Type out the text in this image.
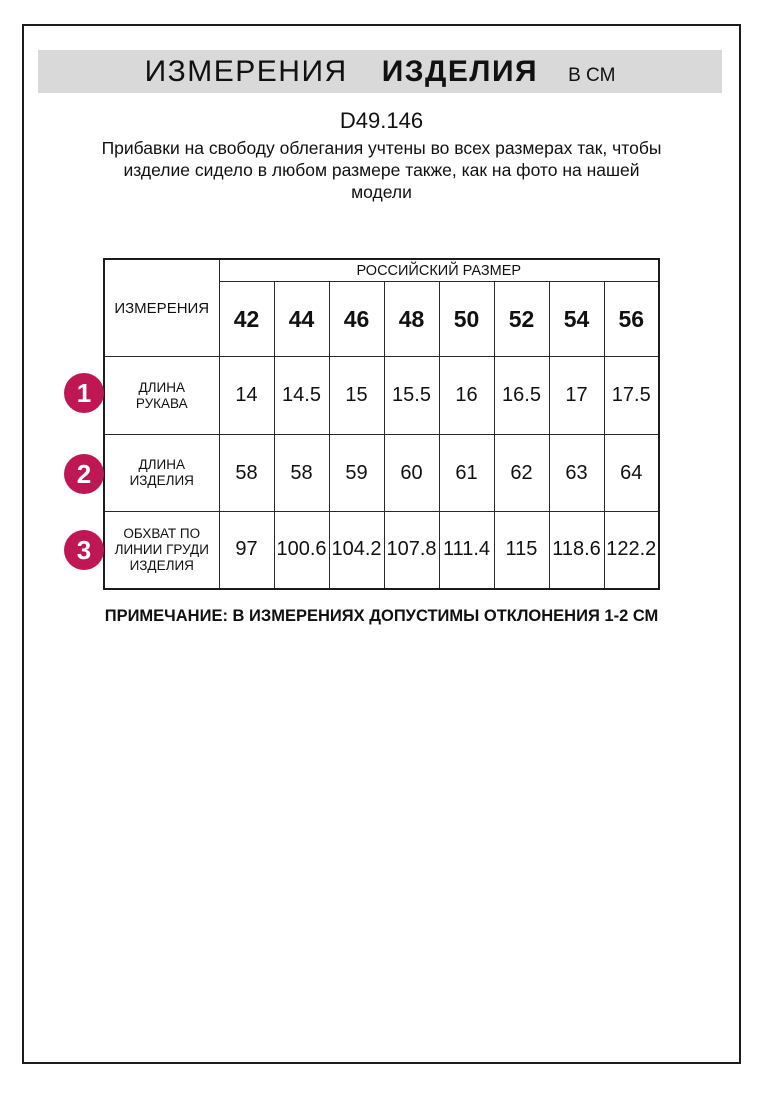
ИЗМЕРЕНИЯ ИЗДЕЛИЯ В СМ
D49.146
Прибавки на свободу облегания учтены во всех размерах так, чтобы
изделие сидело в любом размере также, как на фото на нашей
модели
ИЗМЕРЕНИЯ	РОССИЙСКИЙ РАЗМЕР							
	42	44	46	48	50	52	54	56

ДЛИНА РУКАВА	14	14.5	15	15.5	16	16.5	17	17.5

ДЛИНА ИЗДЕЛИЯ	58	58	59	60	61	62	63	64

ОБХВАТ ПО ЛИНИИ ГРУДИ ИЗДЕЛИЯ	97	100.6	104.2	107.8	111.4	115	118.6	122.2
1
2
3
ПРИМЕЧАНИЕ: В ИЗМЕРЕНИЯХ ДОПУСТИМЫ ОТКЛОНЕНИЯ 1-2 СМ
